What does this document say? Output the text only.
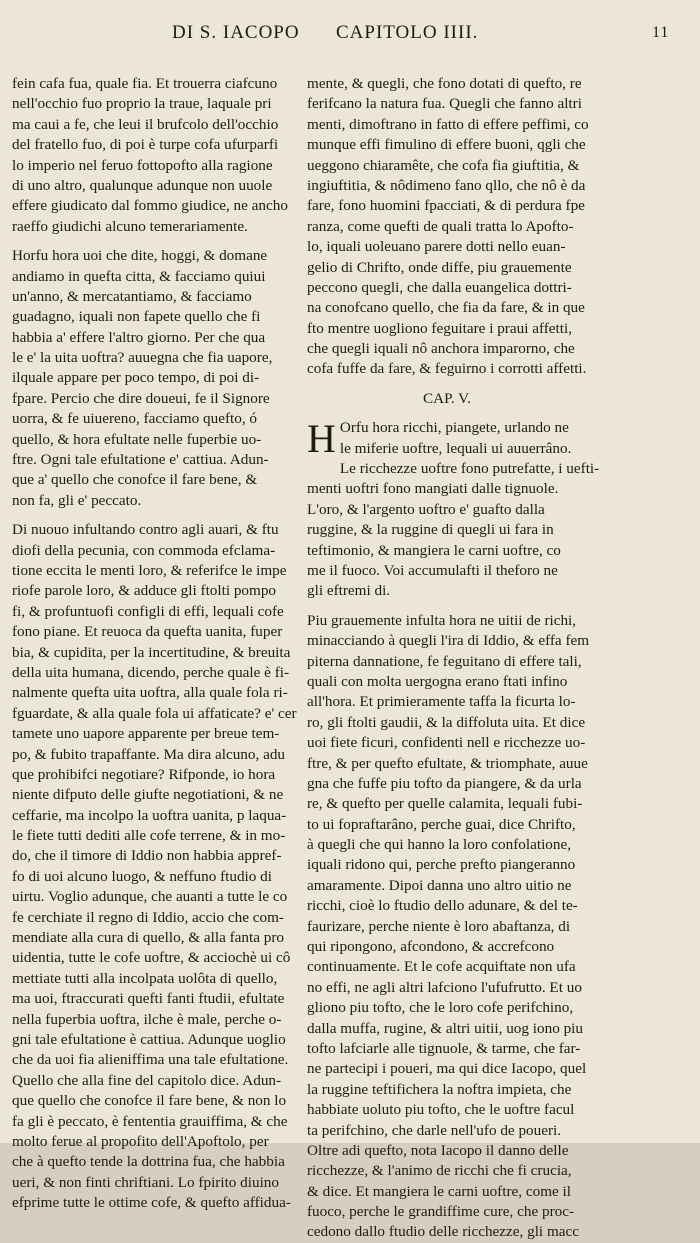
DI S. IACOPO CAPITOLO IIII.	11
fein cafa fua, quale fia. Et trouerra ciafcuno
nell'occhio fuo proprio la traue, laquale pri
ma caui a fe, che leui il brufcolo dell'occhio
del fratello fuo, di poi è turpe cofa ufurparfi
lo imperio nel feruo fottopofto alla ragione
di uno altro, qualunque adunque non uuole
effere giudicato dal fommo giudice, ne ancho
raeffo giudichi alcuno temerariamente.
Horfu hora uoi che dite, hoggi, & domane
andiamo in quefta citta, & facciamo quiui
un'anno, & mercatantiamo, & facciamo
guadagno, iquali non fapete quello che fi
habbia a' effere l'altro giorno. Per che qua
le e' la uita uoftra? auuegna che fia uapore,
ilquale appare per poco tempo, di poi di-
fpare. Percio che dire doueui, fe il Signore
uorra, & fe uiuereno, facciamo quefto, ó
quello, & hora efultate nelle fuperbie uo-
ftre. Ogni tale efultatione e' cattiua. Adun-
que a' quello che conofce il fare bene, &
non fa, gli e' peccato.
Di nuouo infultando contro agli auari, & ftu
diofi della pecunia, con commoda efclama-
tione eccita le menti loro, & referifce le impe
riofe parole loro, & adduce gli ftolti pompo
fi, & profuntuofi configli di effi, lequali cofe
fono piane. Et reuoca da quefta uanita, fuper
bia, & cupidita, per la incertitudine, & breuita
della uita humana, dicendo, perche quale è fi-
nalmente quefta uita uoftra, alla quale fola ri-
fguardate, & alla quale fola ui affaticate? e' cer
tamete uno uapore apparente per breue tem-
po, & fubito trapaffante. Ma dira alcuno, adu
que prohibifci negotiare? Rifponde, io hora
niente difputo delle giufte negotiationi, & ne
ceffarie, ma incolpo la uoftra uanita, p laqua-
le fiete tutti dediti alle cofe terrene, & in mo-
do, che il timore di Iddio non habbia appref-
fo di uoi alcuno luogo, & neffuno ftudio di
uirtu. Voglio adunque, che auanti a tutte le co
fe cerchiate il regno di Iddio, accio che com-
mendiate alla cura di quello, & alla fanta pro
uidentia, tutte le cofe uoftre, & acciochè ui cô
mettiate tutti alla incolpata uolôta di quello,
ma uoi, ftraccurati quefti fanti ftudii, efultate
nella fuperbia uoftra, ilche è male, perche o-
gni tale efultatione è cattiua. Adunque uoglio
che da uoi fia alieniffima una tale efultatione.
Quello che alla fine del capitolo dice. Adun-
que quello che conofce il fare bene, & non lo
fa gli è peccato, è fententia grauiffima, & che
molto ferue al propofito dell'Apoftolo, per
che à quefto tende la dottrina fua, che habbia
ueri, & non finti chriftiani. Lo fpirito diuino
efprime tutte le ottime cofe, & quefto affidua-
mente, & quegli, che fono dotati di quefto, re
ferifcano la natura fua. Quegli che fanno altri
menti, dimoftrano in fatto di effere peffimi, co
munque effi fimulino di effere buoni, qgli che
ueggono chiaramête, che cofa fia giuftitia, &
ingiuftitia, & nôdimeno fano qllo, che nô è da
fare, fono huomini fpacciati, & di perdura fpe
ranza, come quefti de quali tratta lo Apofto-
lo, iquali uoleuano parere dotti nello euan-
gelio di Chrifto, onde diffe, piu grauemente
peccono quegli, che dalla euangelica dottri-
na conofcano quello, che fia da fare, & in que
fto mentre uogliono feguitare i praui affetti,
che quegli iquali nô anchora imparorno, che
cofa fuffe da fare, & feguirno i corrotti affetti.
CAP. V.
H Orfu hora ricchi, piangete, urlando ne
le miferie uoftre, lequali ui auuerrâno.
Le ricchezze uoftre fono putrefatte, i uefti-
menti uoftri fono mangiati dalle tignuole.
L'oro, & l'argento uoftro e' guafto dalla
ruggine, & la ruggine di quegli ui fara in
teftimonio, & mangiera le carni uoftre, co
me il fuoco. Voi accumulafti il theforo ne
gli eftremi di.
Piu grauemente infulta hora ne uitii de richi,
minacciando à quegli l'ira di Iddio, & effa fem
piterna dannatione, fe feguitano di effere tali,
quali con molta uergogna erano ftati infino
all'hora. Et primieramente taffa la ficurta lo-
ro, gli ftolti gaudii, & la diffoluta uita. Et dice
uoi fiete ficuri, confidenti nell e ricchezze uo-
ftre, & per quefto efultate, & triomphate, auue
gna che fuffe piu tofto da piangere, & da urla
re, & quefto per quelle calamita, lequali fubi-
to ui fopraftarâno, perche guai, dice Chrifto,
à quegli che qui hanno la loro confolatione,
iquali ridono qui, perche prefto piangeranno
amaramente. Dipoi danna uno altro uitio ne
ricchi, cioè lo ftudio dello adunare, & del te-
faurizare, perche niente è loro abaftanza, di
qui ripongono, afcondono, & accrefcono
continuamente. Et le cofe acquiftate non ufa
no effi, ne agli altri lafciono l'ufufrutto. Et uo
gliono piu tofto, che le loro cofe perifchino,
dalla muffa, rugine, & altri uitii, uog iono piu
tofto lafciarle alle tignuole, & tarme, che far-
ne partecipi i poueri, ma qui dice Iacopo, quel
la ruggine teftifichera la noftra impieta, che
habbiate uoluto piu tofto, che le uoftre facul
ta perifchino, che darle nell'ufo de poueri.
Oltre adi quefto, nota Iacopo il danno delle
ricchezze, & l'animo de ricchi che fi crucia,
& dice. Et mangiera le carni uoftre, come il
fuoco, perche le grandiffime cure, che proc-
cedono dallo ftudio delle ricchezze, gli macc
